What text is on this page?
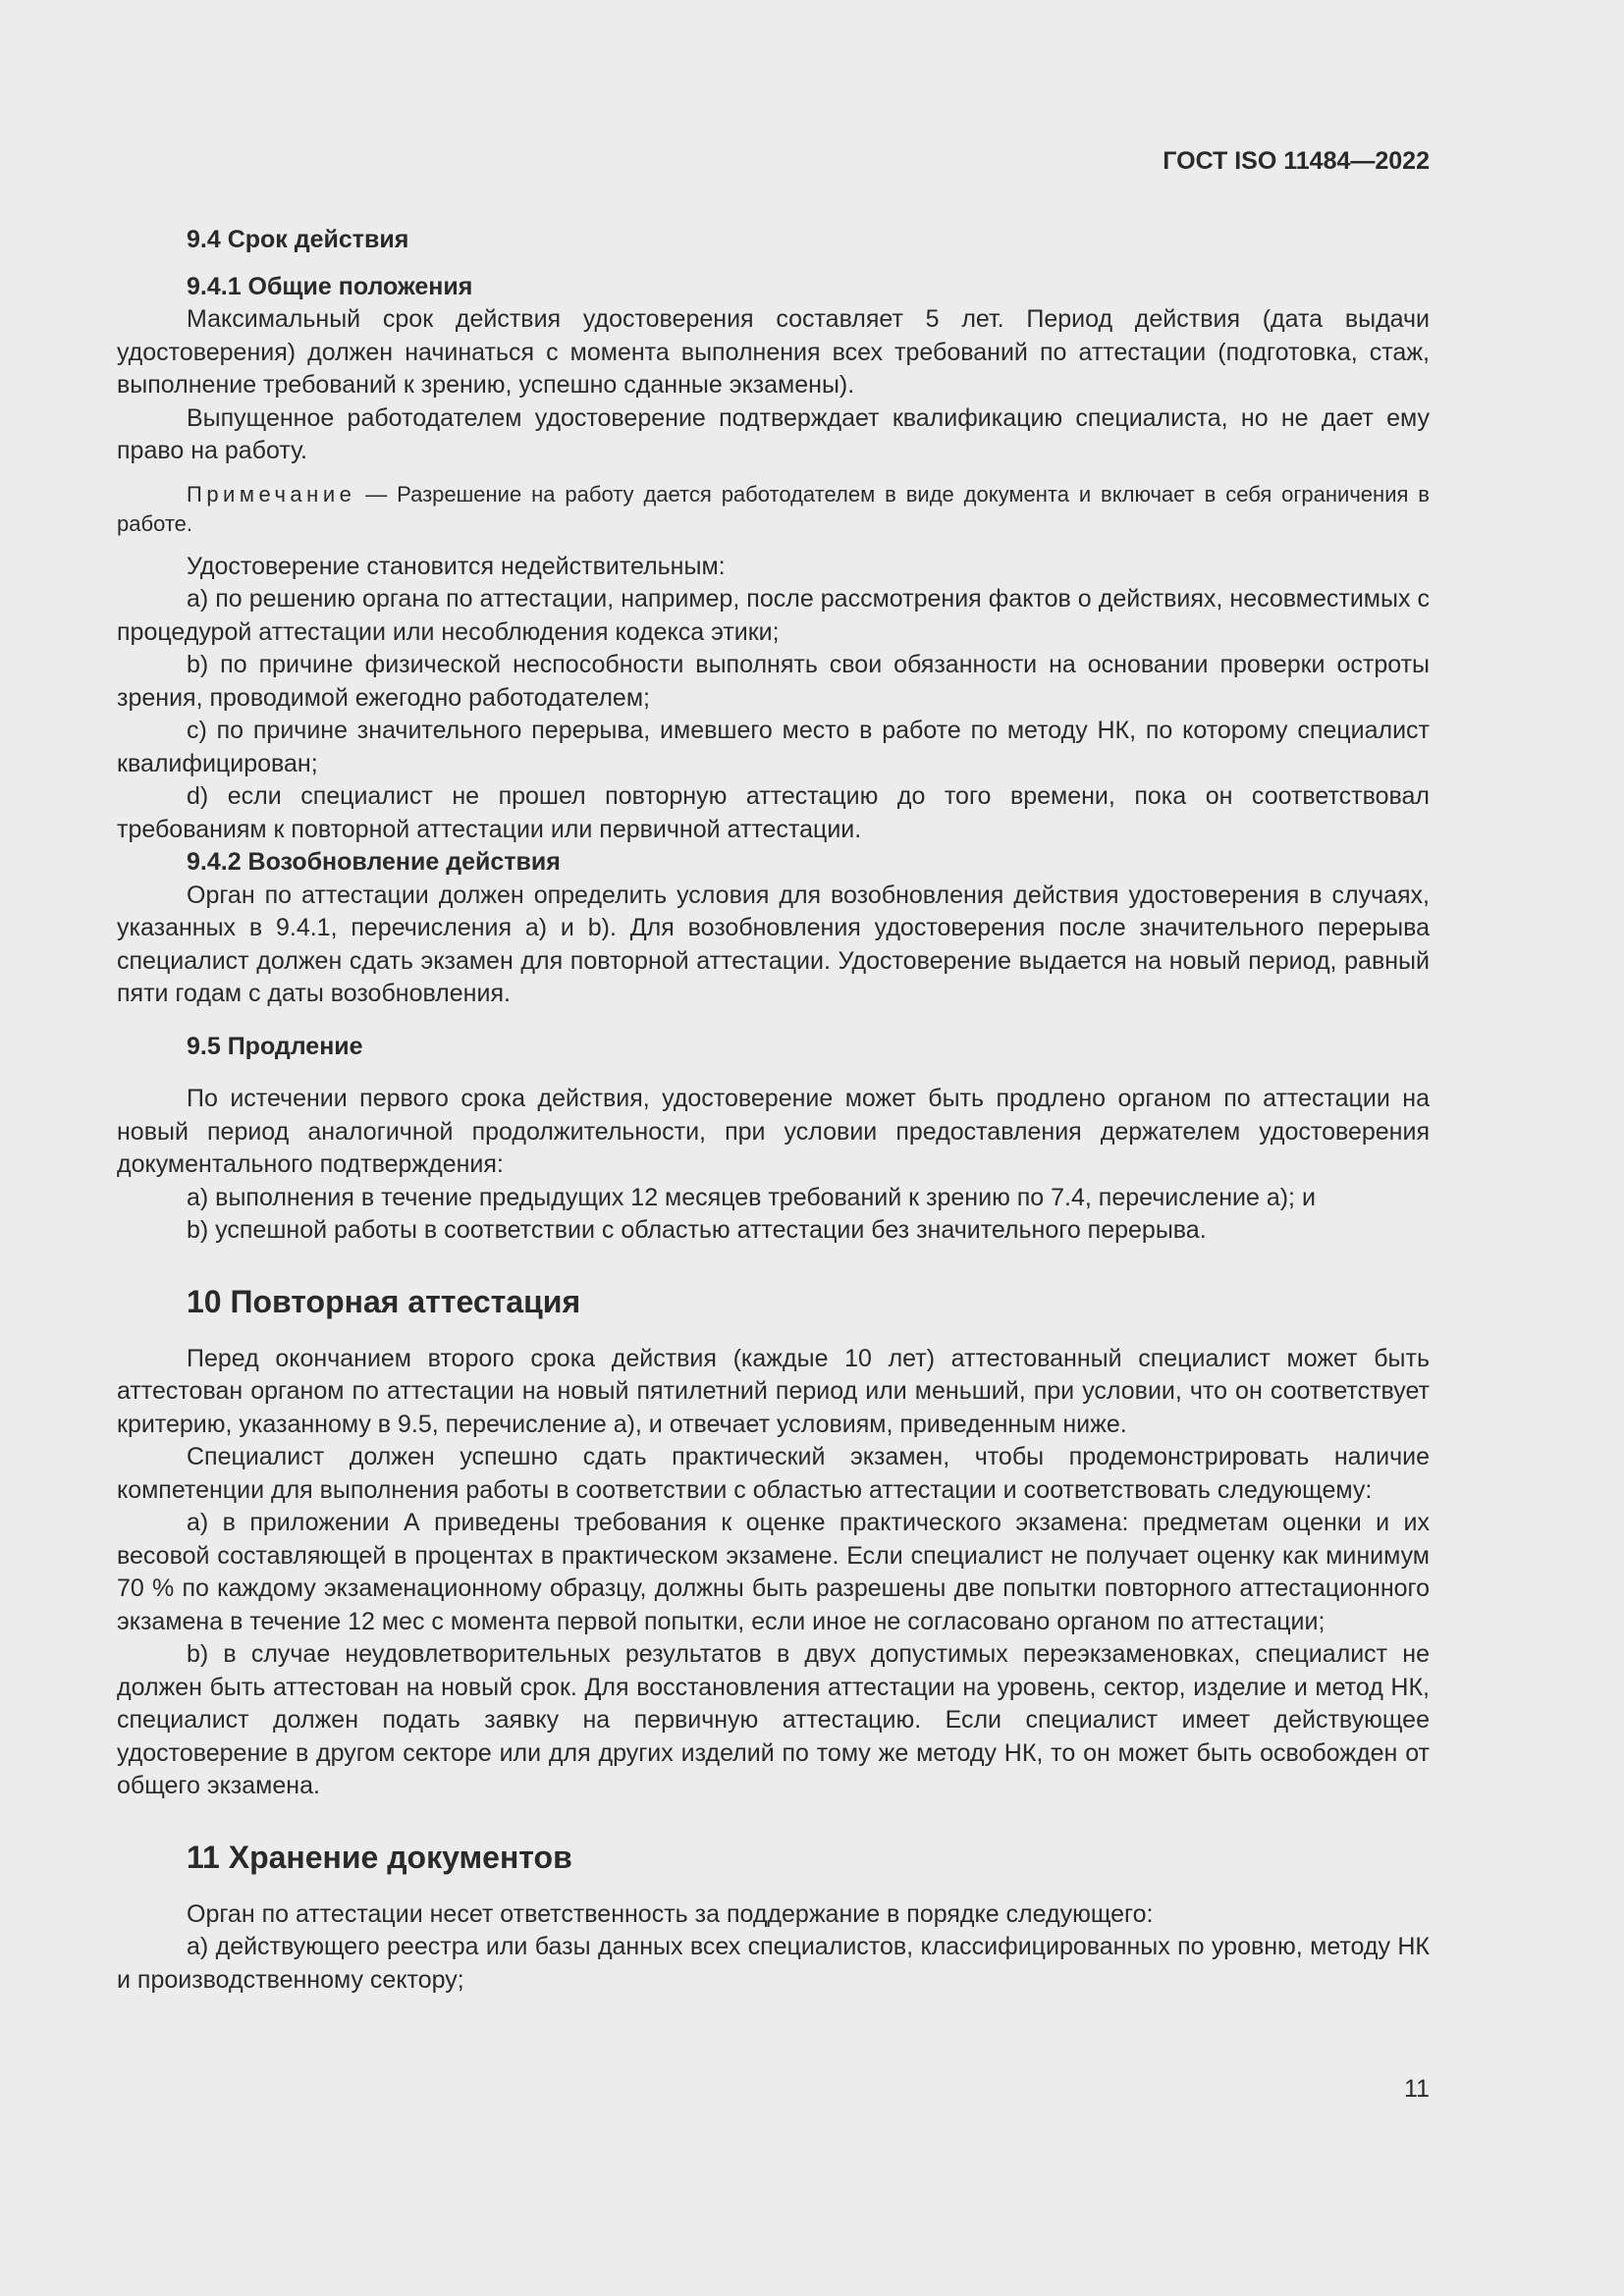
ГОСТ ISO 11484—2022

9.4 Срок действия

9.4.1 Общие положения

Максимальный срок действия удостоверения составляет 5 лет. Период действия (дата выдачи удостоверения) должен начинаться с момента выполнения всех требований по аттестации (подготовка, стаж, выполнение требований к зрению, успешно сданные экзамены).

Выпущенное работодателем удостоверение подтверждает квалификацию специалиста, но не дает ему право на работу.

Примечание — Разрешение на работу дается работодателем в виде документа и включает в себя ограничения в работе.

Удостоверение становится недействительным:

a) по решению органа по аттестации, например, после рассмотрения фактов о действиях, несовместимых с процедурой аттестации или несоблюдения кодекса этики;

b) по причине физической неспособности выполнять свои обязанности на основании проверки остроты зрения, проводимой ежегодно работодателем;

c) по причине значительного перерыва, имевшего место в работе по методу НК, по которому специалист квалифицирован;

d) если специалист не прошел повторную аттестацию до того времени, пока он соответствовал требованиям к повторной аттестации или первичной аттестации.

9.4.2 Возобновление действия

Орган по аттестации должен определить условия для возобновления действия удостоверения в случаях, указанных в 9.4.1, перечисления a) и b). Для возобновления удостоверения после значительного перерыва специалист должен сдать экзамен для повторной аттестации. Удостоверение выдается на новый период, равный пяти годам с даты возобновления.

9.5 Продление

По истечении первого срока действия, удостоверение может быть продлено органом по аттестации на новый период аналогичной продолжительности, при условии предоставления держателем удостоверения документального подтверждения:

a) выполнения в течение предыдущих 12 месяцев требований к зрению по 7.4, перечисление a); и

b) успешной работы в соответствии с областью аттестации без значительного перерыва.

10 Повторная аттестация

Перед окончанием второго срока действия (каждые 10 лет) аттестованный специалист может быть аттестован органом по аттестации на новый пятилетний период или меньший, при условии, что он соответствует критерию, указанному в 9.5, перечисление a), и отвечает условиям, приведенным ниже.

Специалист должен успешно сдать практический экзамен, чтобы продемонстрировать наличие компетенции для выполнения работы в соответствии с областью аттестации и соответствовать следующему:

a) в приложении А приведены требования к оценке практического экзамена: предметам оценки и их весовой составляющей в процентах в практическом экзамене. Если специалист не получает оценку как минимум 70 % по каждому экзаменационному образцу, должны быть разрешены две попытки повторного аттестационного экзамена в течение 12 мес с момента первой попытки, если иное не согласовано органом по аттестации;

b) в случае неудовлетворительных результатов в двух допустимых переэкзаменовках, специалист не должен быть аттестован на новый срок. Для восстановления аттестации на уровень, сектор, изделие и метод НК, специалист должен подать заявку на первичную аттестацию. Если специалист имеет действующее удостоверение в другом секторе или для других изделий по тому же методу НК, то он может быть освобожден от общего экзамена.

11 Хранение документов

Орган по аттестации несет ответственность за поддержание в порядке следующего:

a) действующего реестра или базы данных всех специалистов, классифицированных по уровню, методу НК и производственному сектору;

11
